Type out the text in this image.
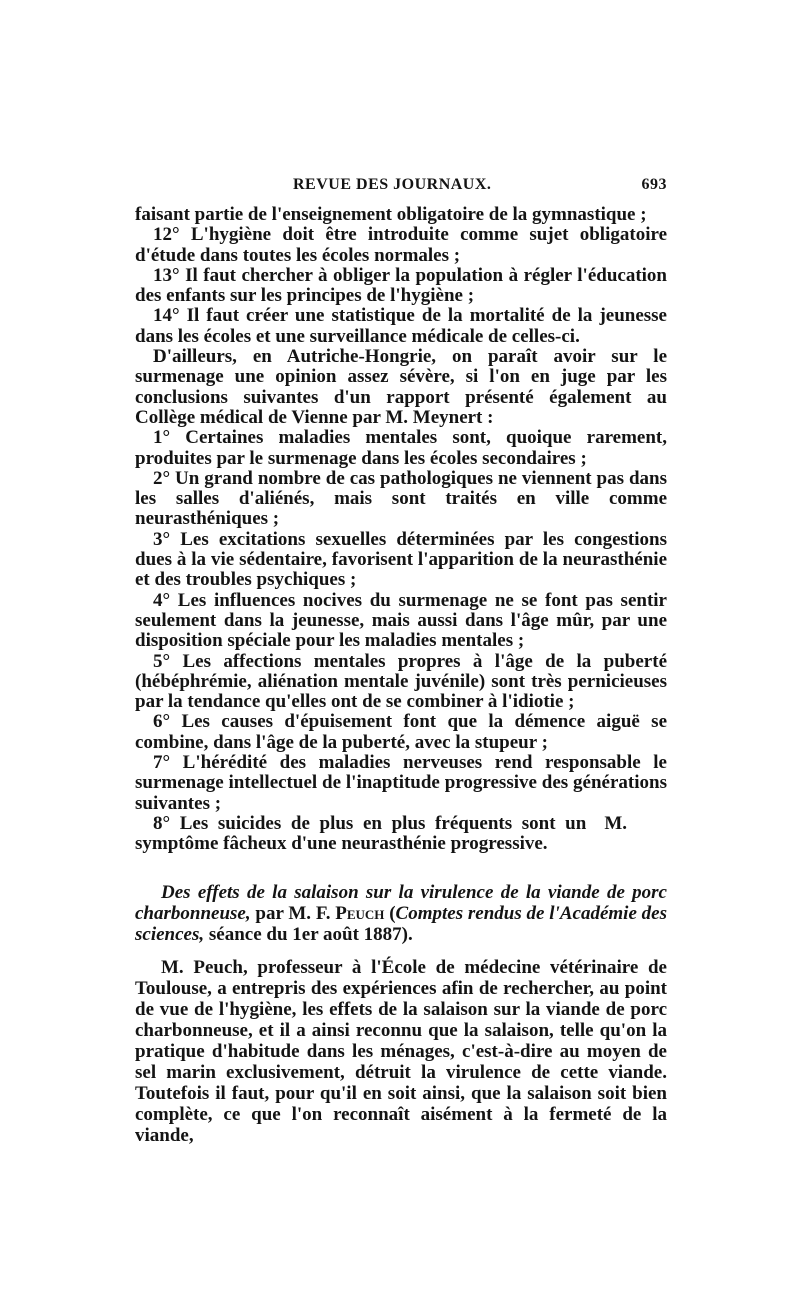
REVUE DES JOURNAUX.	693

faisant partie de l'enseignement obligatoire de la gymnastique ;

12° L'hygiène doit être introduite comme sujet obligatoire d'étude dans toutes les écoles normales ;

13° Il faut chercher à obliger la population à régler l'éducation des enfants sur les principes de l'hygiène ;

14° Il faut créer une statistique de la mortalité de la jeunesse dans les écoles et une surveillance médicale de celles-ci.

D'ailleurs, en Autriche-Hongrie, on paraît avoir sur le surmenage une opinion assez sévère, si l'on en juge par les conclusions suivantes d'un rapport présenté également au Collège médical de Vienne par M. Meynert :

1° Certaines maladies mentales sont, quoique rarement, produites par le surmenage dans les écoles secondaires ;

2° Un grand nombre de cas pathologiques ne viennent pas dans les salles d'aliénés, mais sont traités en ville comme neurasthéniques ;

3° Les excitations sexuelles déterminées par les congestions dues à la vie sédentaire, favorisent l'apparition de la neurasthénie et des troubles psychiques ;

4° Les influences nocives du surmenage ne se font pas sentir seulement dans la jeunesse, mais aussi dans l'âge mûr, par une disposition spéciale pour les maladies mentales ;

5° Les affections mentales propres à l'âge de la puberté (hébéphrémie, aliénation mentale juvénile) sont très pernicieuses par la tendance qu'elles ont de se combiner à l'idiotie ;

6° Les causes d'épuisement font que la démence aiguë se combine, dans l'âge de la puberté, avec la stupeur ;

7° L'hérédité des maladies nerveuses rend responsable le surmenage intellectuel de l'inaptitude progressive des générations suivantes ;

8° Les suicides de plus en plus fréquents sont un symptôme fâcheux d'une neurasthénie progressive.
M.

Des effets de la salaison sur la virulence de la viande de porc charbonneuse, par M. F. Peuch (Comptes rendus de l'Académie des sciences, séance du 1er août 1887).

M. Peuch, professeur à l'École de médecine vétérinaire de Toulouse, a entrepris des expériences afin de rechercher, au point de vue de l'hygiène, les effets de la salaison sur la viande de porc charbonneuse, et il a ainsi reconnu que la salaison, telle qu'on la pratique d'habitude dans les ménages, c'est-à-dire au moyen de sel marin exclusivement, détruit la virulence de cette viande. Toutefois il faut, pour qu'il en soit ainsi, que la salaison soit bien complète, ce que l'on reconnaît aisément à la fermeté de la viande,
